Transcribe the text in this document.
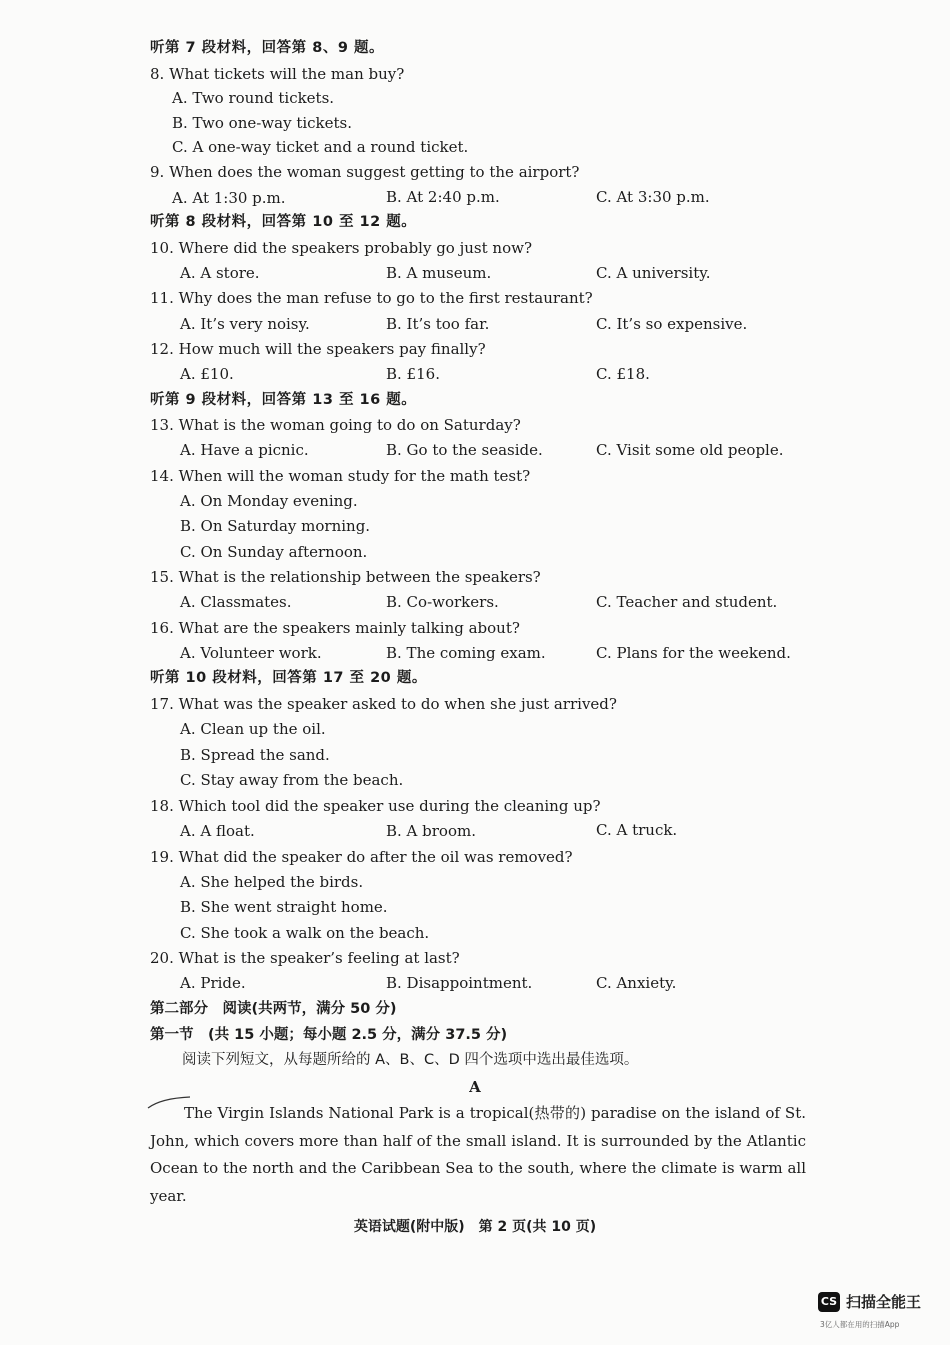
听第 7 段材料，回答第 8、9 题。
8. What tickets will the man buy?
A. Two round tickets.
B. Two one-way tickets.
C. A one-way ticket and a round ticket.
9. When does the woman suggest getting to the airport?
A. At 1:30 p.m.	B. At 2:40 p.m.	C. At 3:30 p.m.
听第 8 段材料，回答第 10 至 12 题。
10. Where did the speakers probably go just now?
A. A store.	B. A museum.	C. A university.
11. Why does the man refuse to go to the first restaurant?
A. It’s very noisy.	B. It’s too far.	C. It’s so expensive.
12. How much will the speakers pay finally?
A. £10.	B. £16.	C. £18.
听第 9 段材料，回答第 13 至 16 题。
13. What is the woman going to do on Saturday?
A. Have a picnic.	B. Go to the seaside.	C. Visit some old people.
14. When will the woman study for the math test?
A. On Monday evening.
B. On Saturday morning.
C. On Sunday afternoon.
15. What is the relationship between the speakers?
A. Classmates.	B. Co-workers.	C. Teacher and student.
16. What are the speakers mainly talking about?
A. Volunteer work.	B. The coming exam.	C. Plans for the weekend.
听第 10 段材料，回答第 17 至 20 题。
17. What was the speaker asked to do when she just arrived?
A. Clean up the oil.
B. Spread the sand.
C. Stay away from the beach.
18. Which tool did the speaker use during the cleaning up?
A. A float.	B. A broom.	C. A truck.
19. What did the speaker do after the oil was removed?
A. She helped the birds.
B. She went straight home.
C. She took a walk on the beach.
20. What is the speaker’s feeling at last?
A. Pride.	B. Disappointment.	C. Anxiety.
第二部分　阅读(共两节，满分 50 分)
第一节　(共 15 小题；每小题 2.5 分，满分 37.5 分)
阅读下列短文，从每题所给的 A、B、C、D 四个选项中选出最佳选项。
A
The Virgin Islands National Park is a tropical(热带的) paradise on the island of St. John, which covers more than half of the small island. It is surrounded by the Atlantic Ocean to the north and the Caribbean Sea to the south, where the climate is warm all year.
英语试题(附中版)　第 2 页(共 10 页)
CS 扫描全能王
3亿人都在用的扫描App
